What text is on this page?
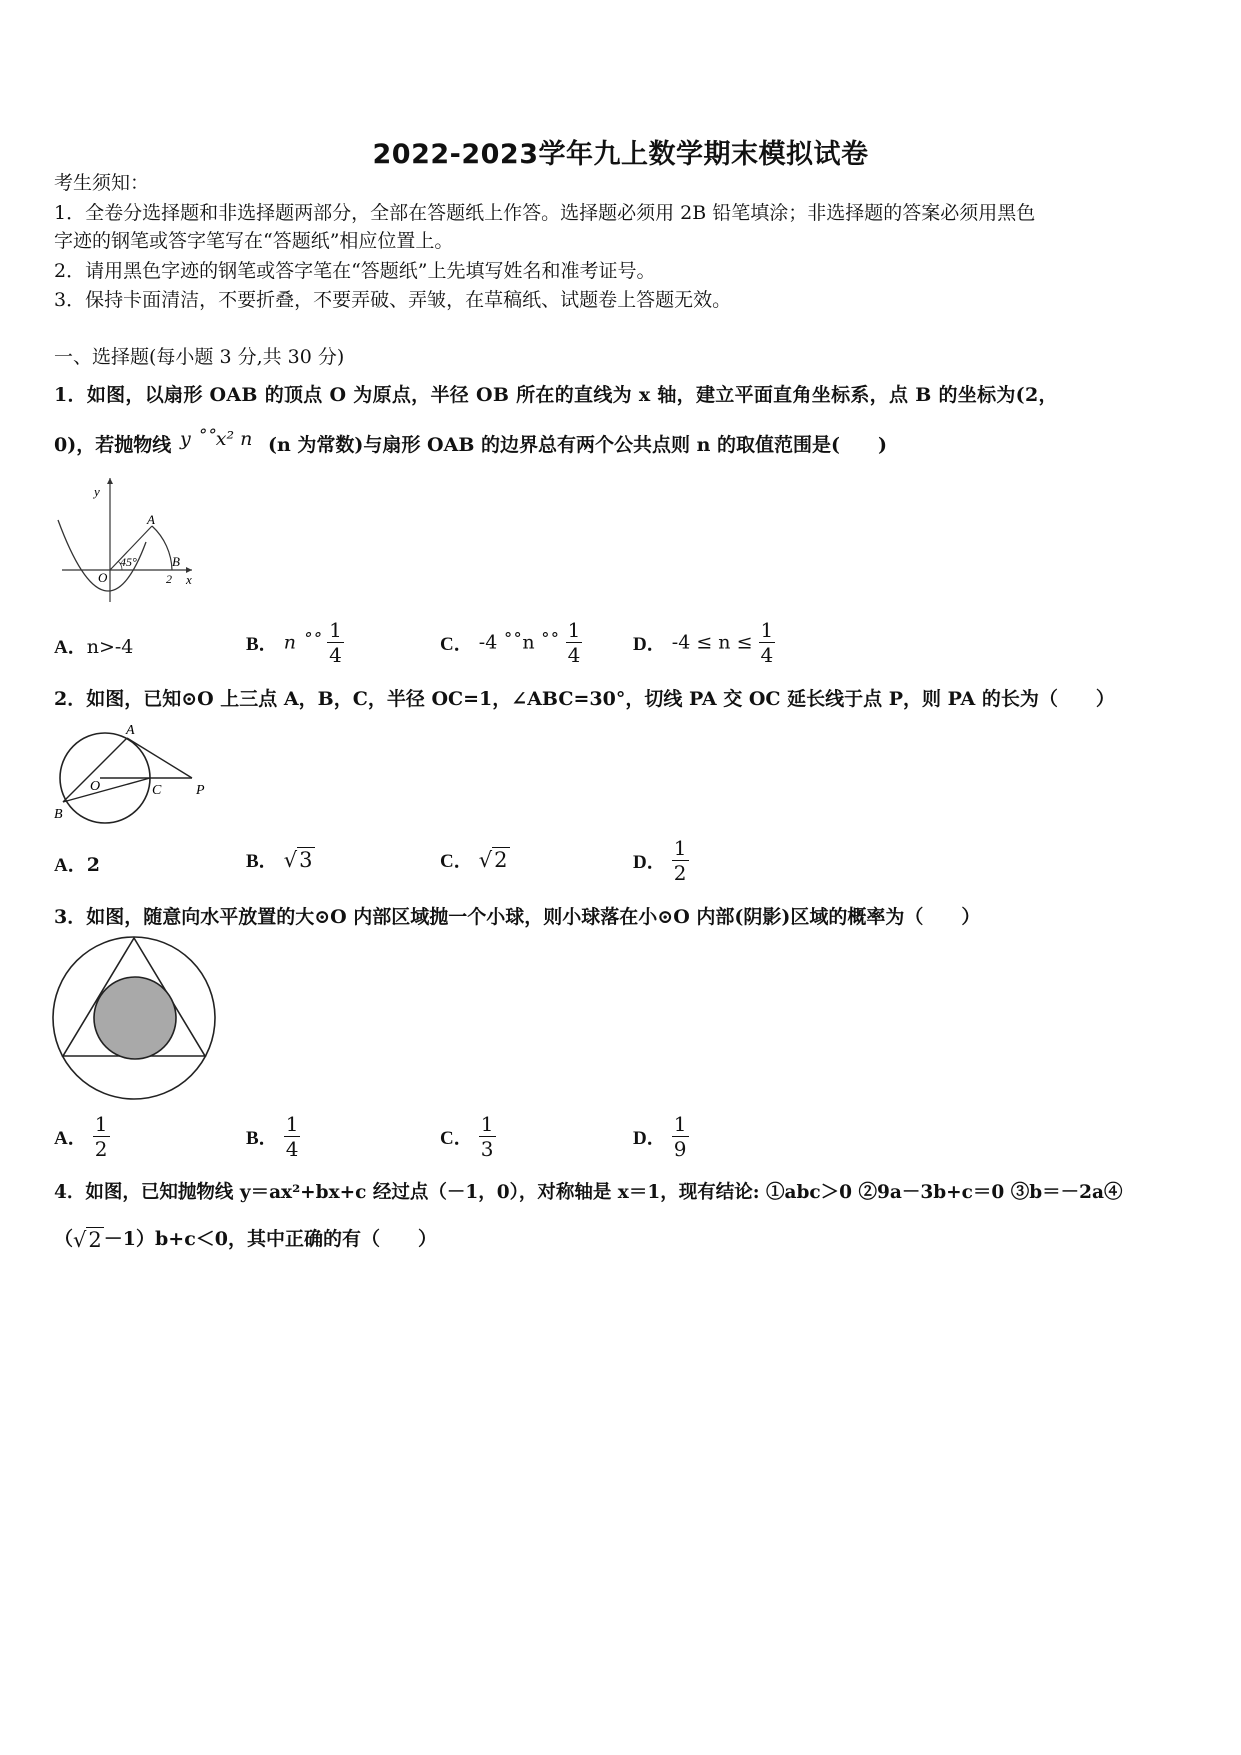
2022-2023学年九上数学期末模拟试卷
考生须知：
1．全卷分选择题和非选择题两部分，全部在答题纸上作答。选择题必须用 2B 铅笔填涂；非选择题的答案必须用黑色
字迹的钢笔或答字笔写在“答题纸”相应位置上。
2．请用黑色字迹的钢笔或答字笔在“答题纸”上先填写姓名和准考证号。
3．保持卡面清洁，不要折叠，不要弄破、弄皱，在草稿纸、试题卷上答题无效。
一、选择题(每小题 3 分,共 30 分)
1．如图，以扇形 OAB 的顶点 O 为原点，半径 OB 所在的直线为 x 轴，建立平面直角坐标系，点 B 的坐标为(2，
0)，若抛物线 y ˚˚x² n (n 为常数)与扇形 OAB 的边界总有两个公共点则 n 的取值范围是(　　)
y
x
O
A
B
45°
2
A．n>-4	B． n ˚˚ $\frac{1}{4}$	C． -4 ˚˚n ˚˚ $\frac{1}{4}$	D． $-4 \le n \le \frac{1}{4}$
2．如图，已知⊙O 上三点 A，B，C，半径 OC=1，∠ABC=30°，切线 PA 交 OC 延长线于点 P，则 PA 的长为（　　）
A
O	C P
B
A．2	B． √3	C． √2	D． $\frac{1}{2}$
3．如图，随意向水平放置的大⊙O 内部区域抛一个小球，则小球落在小⊙O 内部(阴影)区域的概率为（　　）
A． $\frac{1}{2}$	B． $\frac{1}{4}$	C． $\frac{1}{3}$	D． $\frac{1}{9}$
4．如图，已知抛物线 y＝ax²+bx+c 经过点（－1，0），对称轴是 x＝1，现有结论: ①abc＞0 ②9a－3b+c＝0 ③b＝－2a④
（√2 －1）b+c＜0，其中正确的有（　　）
